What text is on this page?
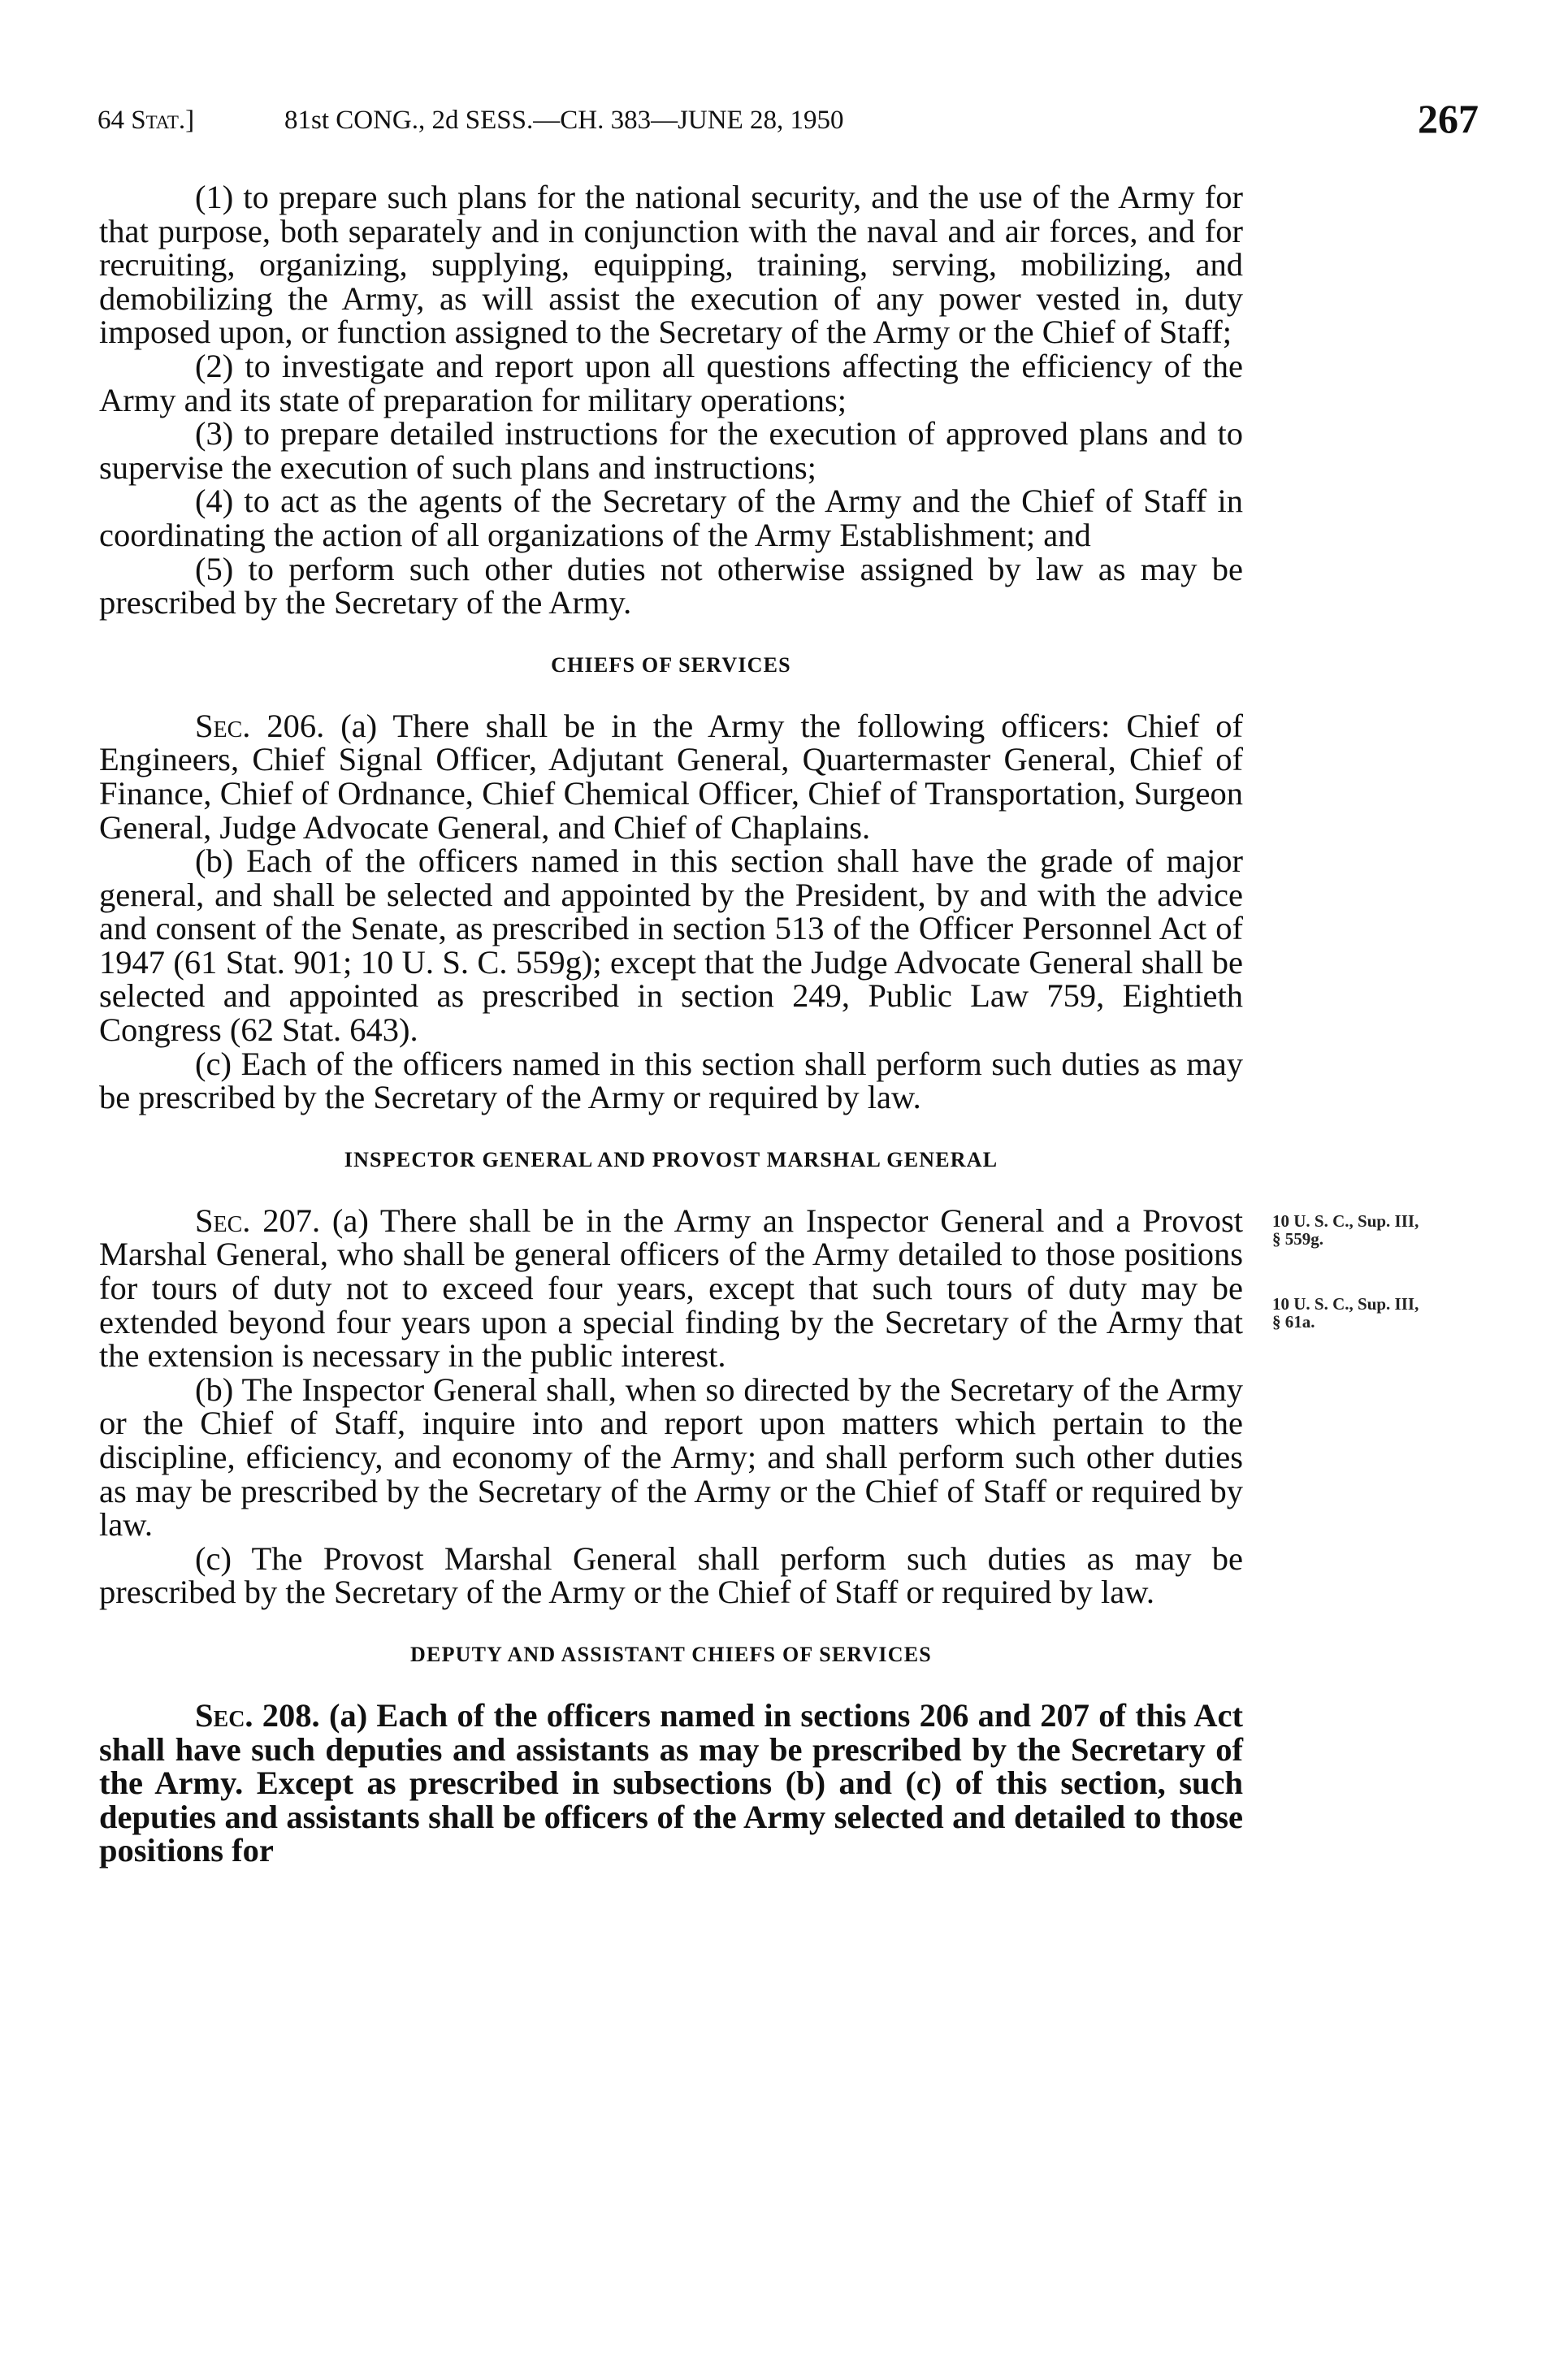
64 Stat.]	81st CONG., 2d SESS.—CH. 383—JUNE 28, 1950	267

(1) to prepare such plans for the national security, and the use of the Army for that purpose, both separately and in conjunction with the naval and air forces, and for recruiting, organizing, supplying, equipping, training, serving, mobilizing, and demobilizing the Army, as will assist the execution of any power vested in, duty imposed upon, or function assigned to the Secretary of the Army or the Chief of Staff;

(2) to investigate and report upon all questions affecting the efficiency of the Army and its state of preparation for military operations;

(3) to prepare detailed instructions for the execution of approved plans and to supervise the execution of such plans and instructions;

(4) to act as the agents of the Secretary of the Army and the Chief of Staff in coordinating the action of all organizations of the Army Establishment; and

(5) to perform such other duties not otherwise assigned by law as may be prescribed by the Secretary of the Army.

CHIEFS OF SERVICES

Sec. 206. (a) There shall be in the Army the following officers: Chief of Engineers, Chief Signal Officer, Adjutant General, Quartermaster General, Chief of Finance, Chief of Ordnance, Chief Chemical Officer, Chief of Transportation, Surgeon General, Judge Advocate General, and Chief of Chaplains.

(b) Each of the officers named in this section shall have the grade of major general, and shall be selected and appointed by the President, by and with the advice and consent of the Senate, as prescribed in section 513 of the Officer Personnel Act of 1947 (61 Stat. 901; 10 U. S. C. 559g); except that the Judge Advocate General shall be selected and appointed as prescribed in section 249, Public Law 759, Eightieth Congress (62 Stat. 643).

(c) Each of the officers named in this section shall perform such duties as may be prescribed by the Secretary of the Army or required by law.

INSPECTOR GENERAL AND PROVOST MARSHAL GENERAL

Sec. 207. (a) There shall be in the Army an Inspector General and a Provost Marshal General, who shall be general officers of the Army detailed to those positions for tours of duty not to exceed four years, except that such tours of duty may be extended beyond four years upon a special finding by the Secretary of the Army that the extension is necessary in the public interest.

(b) The Inspector General shall, when so directed by the Secretary of the Army or the Chief of Staff, inquire into and report upon matters which pertain to the discipline, efficiency, and economy of the Army; and shall perform such other duties as may be prescribed by the Secretary of the Army or the Chief of Staff or required by law.

(c) The Provost Marshal General shall perform such duties as may be prescribed by the Secretary of the Army or the Chief of Staff or required by law.

DEPUTY AND ASSISTANT CHIEFS OF SERVICES

Sec. 208. (a) Each of the officers named in sections 206 and 207 of this Act shall have such deputies and assistants as may be prescribed by the Secretary of the Army. Except as prescribed in subsections (b) and (c) of this section, such deputies and assistants shall be officers of the Army selected and detailed to those positions for

10 U. S. C., Sup. III,
§ 559g.
10 U. S. C., Sup. III,
§ 61a.
